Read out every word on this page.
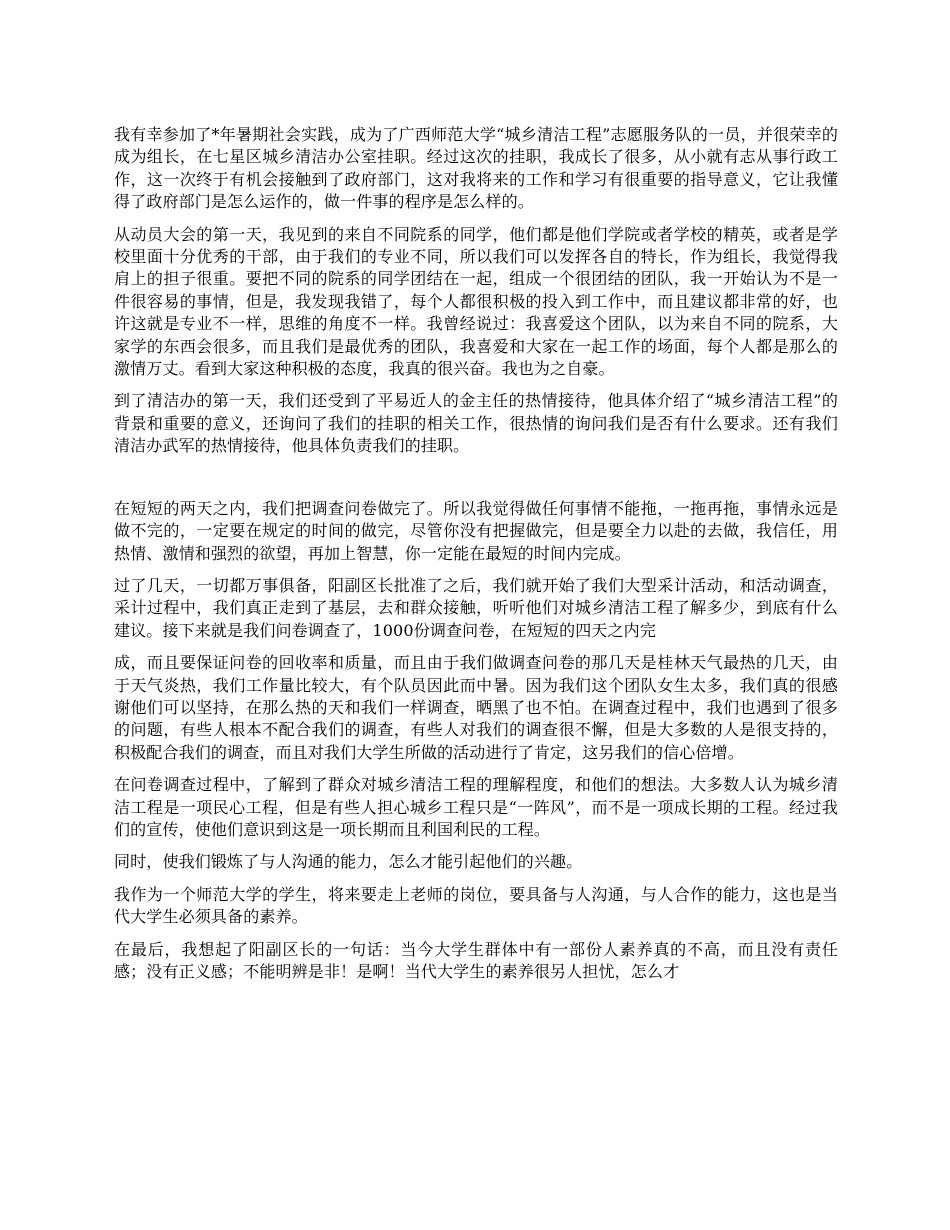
我有幸参加了*年暑期社会实践，成为了广西师范大学“城乡清洁工程”志愿服务队的一员，并很荣幸的成为组长，在七星区城乡清洁办公室挂职。经过这次的挂职，我成长了很多，从小就有志从事行政工作，这一次终于有机会接触到了政府部门，这对我将来的工作和学习有很重要的指导意义，它让我懂得了政府部门是怎么运作的，做一件事的程序是怎么样的。

从动员大会的第一天，我见到的来自不同院系的同学，他们都是他们学院或者学校的精英，或者是学校里面十分优秀的干部，由于我们的专业不同，所以我们可以发挥各自的特长，作为组长，我觉得我肩上的担子很重。要把不同的院系的同学团结在一起，组成一个很团结的团队，我一开始认为不是一件很容易的事情，但是，我发现我错了，每个人都很积极的投入到工作中，而且建议都非常的好，也许这就是专业不一样，思维的角度不一样。我曾经说过：我喜爱这个团队，以为来自不同的院系，大家学的东西会很多，而且我们是最优秀的团队，我喜爱和大家在一起工作的场面，每个人都是那么的激情万丈。看到大家这种积极的态度，我真的很兴奋。我也为之自豪。

到了清洁办的第一天，我们还受到了平易近人的金主任的热情接待，他具体介绍了“城乡清洁工程”的背景和重要的意义，还询问了我们的挂职的相关工作，很热情的询问我们是否有什么要求。还有我们清洁办武军的热情接待，他具体负责我们的挂职。

在短短的两天之内，我们把调查问卷做完了。所以我觉得做任何事情不能拖，一拖再拖，事情永远是做不完的，一定要在规定的时间的做完，尽管你没有把握做完，但是要全力以赴的去做，我信任，用热情、激情和强烈的欲望，再加上智慧，你一定能在最短的时间内完成。

过了几天，一切都万事俱备，阳副区长批准了之后，我们就开始了我们大型采计活动，和活动调查，采计过程中，我们真正走到了基层，去和群众接触，听听他们对城乡清洁工程了解多少，到底有什么建议。接下来就是我们问卷调查了，1000份调查问卷，在短短的四天之内完

成，而且要保证问卷的回收率和质量，而且由于我们做调查问卷的那几天是桂林天气最热的几天，由于天气炎热，我们工作量比较大，有个队员因此而中暑。因为我们这个团队女生太多，我们真的很感谢他们可以坚持，在那么热的天和我们一样调查，晒黑了也不怕。在调查过程中，我们也遇到了很多的问题，有些人根本不配合我们的调查，有些人对我们的调查很不懈，但是大多数的人是很支持的，积极配合我们的调查，而且对我们大学生所做的活动进行了肯定，这另我们的信心倍增。

在问卷调查过程中，了解到了群众对城乡清洁工程的理解程度，和他们的想法。大多数人认为城乡清洁工程是一项民心工程，但是有些人担心城乡工程只是“一阵风”，而不是一项成长期的工程。经过我们的宣传，使他们意识到这是一项长期而且利国利民的工程。

同时，使我们锻炼了与人沟通的能力，怎么才能引起他们的兴趣。

我作为一个师范大学的学生，将来要走上老师的岗位，要具备与人沟通，与人合作的能力，这也是当代大学生必须具备的素养。

在最后，我想起了阳副区长的一句话：当今大学生群体中有一部份人素养真的不高，而且没有责任感；没有正义感；不能明辨是非！是啊！当代大学生的素养很另人担忧，怎么才
